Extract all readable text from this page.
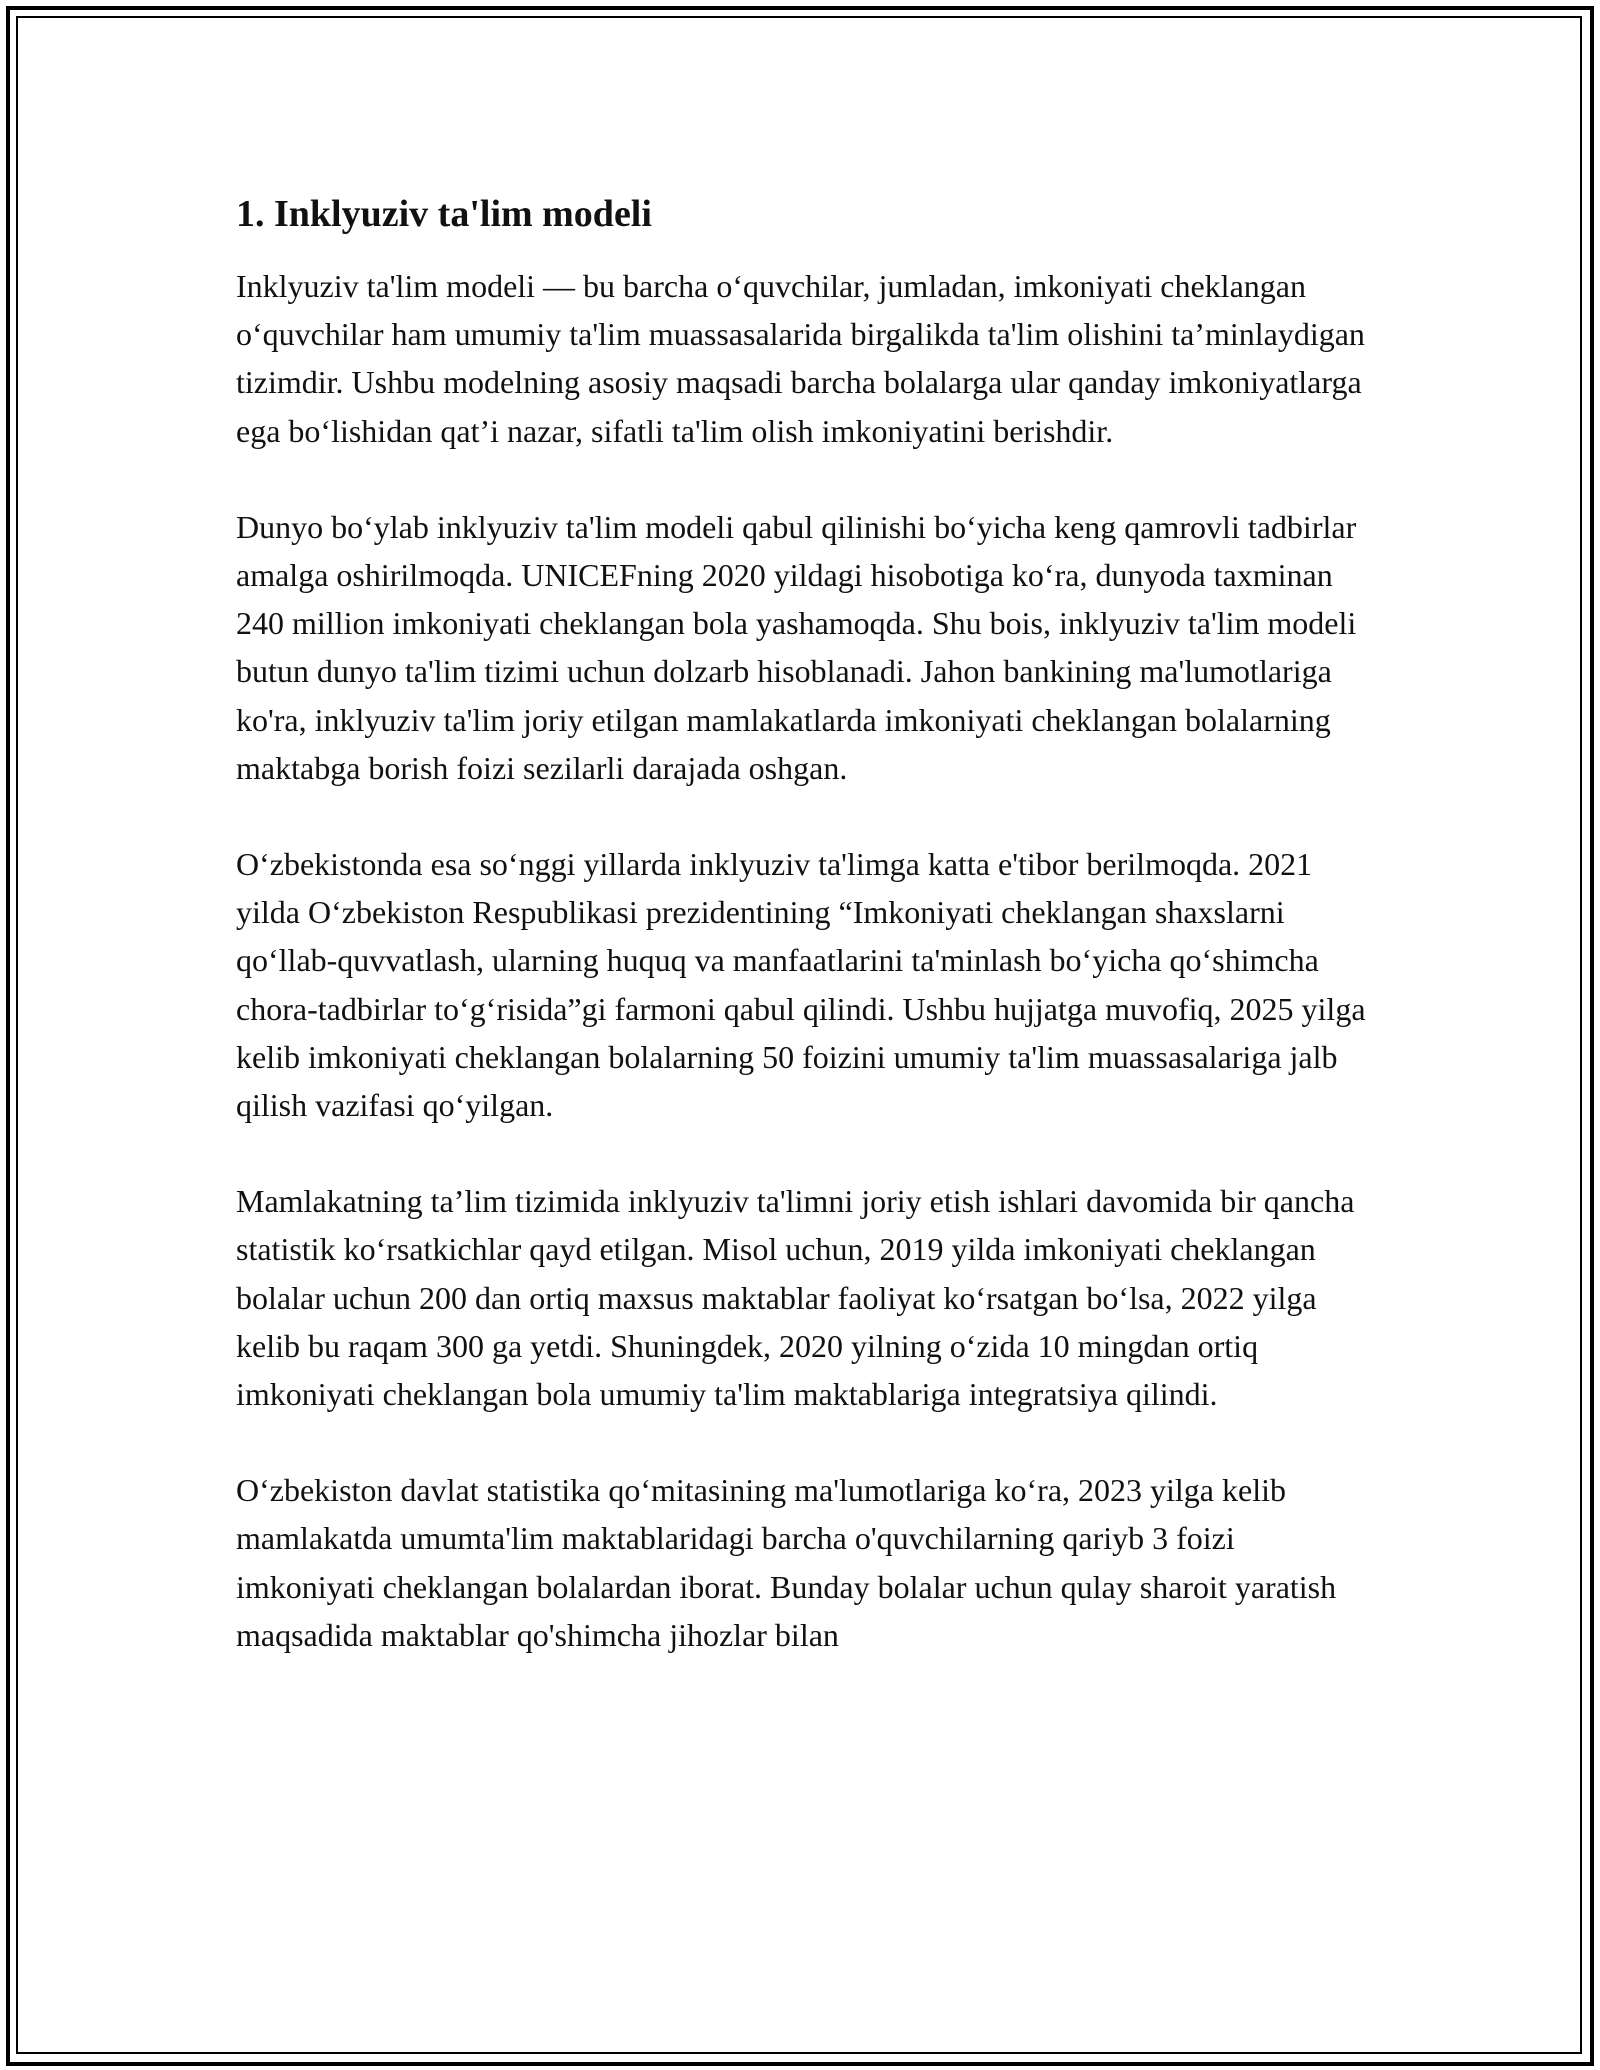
1. Inklyuziv ta'lim modeli

Inklyuziv ta'lim modeli — bu barcha o‘quvchilar, jumladan, imkoniyati cheklangan o‘quvchilar ham umumiy ta'lim muassasalarida birgalikda ta'lim olishini ta’minlaydigan tizimdir. Ushbu modelning asosiy maqsadi barcha bolalarga ular qanday imkoniyatlarga ega bo‘lishidan qat’i nazar, sifatli ta'lim olish imkoniyatini berishdir.

Dunyo bo‘ylab inklyuziv ta'lim modeli qabul qilinishi bo‘yicha keng qamrovli tadbirlar amalga oshirilmoqda. UNICEFning 2020 yildagi hisobotiga ko‘ra, dunyoda taxminan 240 million imkoniyati cheklangan bola yashamoqda. Shu bois, inklyuziv ta'lim modeli butun dunyo ta'lim tizimi uchun dolzarb hisoblanadi. Jahon bankining ma'lumotlariga ko'ra, inklyuziv ta'lim joriy etilgan mamlakatlarda imkoniyati cheklangan bolalarning maktabga borish foizi sezilarli darajada oshgan.

O‘zbekistonda esa so‘nggi yillarda inklyuziv ta'limga katta e'tibor berilmoqda. 2021 yilda O‘zbekiston Respublikasi prezidentining “Imkoniyati cheklangan shaxslarni qo‘llab-quvvatlash, ularning huquq va manfaatlarini ta'minlash bo‘yicha qo‘shimcha chora-tadbirlar to‘g‘risida”gi farmoni qabul qilindi. Ushbu hujjatga muvofiq, 2025 yilga kelib imkoniyati cheklangan bolalarning 50 foizini umumiy ta'lim muassasalariga jalb qilish vazifasi qo‘yilgan.

Mamlakatning ta’lim tizimida inklyuziv ta'limni joriy etish ishlari davomida bir qancha statistik ko‘rsatkichlar qayd etilgan. Misol uchun, 2019 yilda imkoniyati cheklangan bolalar uchun 200 dan ortiq maxsus maktablar faoliyat ko‘rsatgan bo‘lsa, 2022 yilga kelib bu raqam 300 ga yetdi. Shuningdek, 2020 yilning o‘zida 10 mingdan ortiq imkoniyati cheklangan bola umumiy ta'lim maktablariga integratsiya qilindi.

O‘zbekiston davlat statistika qo‘mitasining ma'lumotlariga ko‘ra, 2023 yilga kelib mamlakatda umumta'lim maktablaridagi barcha o'quvchilarning qariyb 3 foizi imkoniyati cheklangan bolalardan iborat. Bunday bolalar uchun qulay sharoit yaratish maqsadida maktablar qo'shimcha jihozlar bilan
